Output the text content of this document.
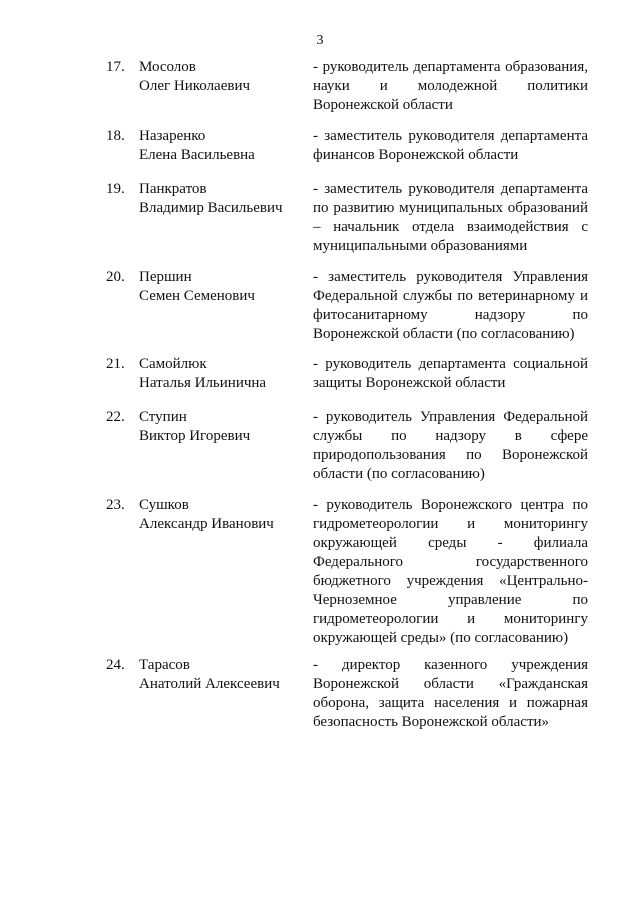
3
17. Мосолов
Олег Николаевич
- руководитель департамента образования,
науки и молодежной политики
Воронежской области
18. Назаренко
Елена Васильевна
- заместитель руководителя департамента
финансов Воронежской области
19. Панкратов
Владимир Васильевич
- заместитель руководителя департамента
по развитию муниципальных образований
– начальник отдела взаимодействия с
муниципальными образованиями
20. Першин
Семен Семенович
- заместитель руководителя Управления
Федеральной службы по ветеринарному и
фитосанитарному надзору по
Воронежской области (по согласованию)
21. Самойлюк
Наталья Ильинична
- руководитель департамента социальной
защиты Воронежской области
22. Ступин
Виктор Игоревич
- руководитель Управления Федеральной
службы по надзору в сфере
природопользования по Воронежской
области (по согласованию)
23. Сушков
Александр Иванович
- руководитель Воронежского центра по
гидрометеорологии и мониторингу
окружающей среды - филиала
Федерального государственного
бюджетного учреждения «Центрально-
Черноземное управление по
гидрометеорологии и мониторингу
окружающей среды» (по согласованию)
24. Тарасов
Анатолий Алексеевич
- директор казенного учреждения
Воронежской области «Гражданская
оборона, защита населения и пожарная
безопасность Воронежской области»
